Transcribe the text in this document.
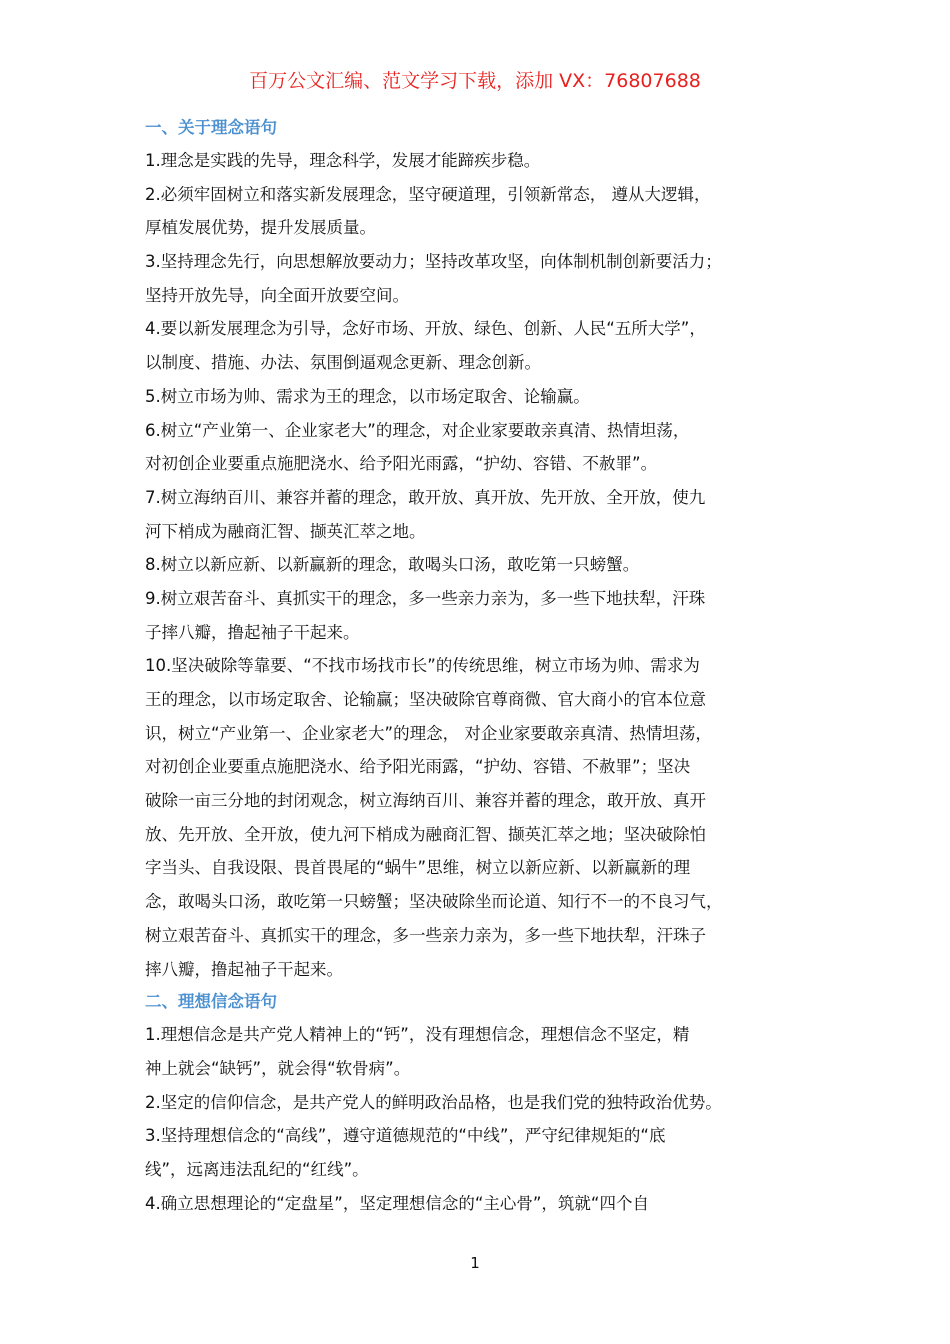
百万公文汇编、范文学习下载，添加 VX：76807688
一、关于理念语句
1.理念是实践的先导，理念科学，发展才能蹄疾步稳。
2.必须牢固树立和落实新发展理念，坚守硬道理，引领新常态， 遵从大逻辑，
厚植发展优势，提升发展质量。
3.坚持理念先行，向思想解放要动力；坚持改革攻坚，向体制机制创新要活力；
坚持开放先导，向全面开放要空间。
4.要以新发展理念为引导，念好市场、开放、绿色、创新、人民“五所大学”，
以制度、措施、办法、氛围倒逼观念更新、理念创新。
5.树立市场为帅、需求为王的理念，以市场定取舍、论输赢。
6.树立“产业第一、企业家老大”的理念，对企业家要敢亲真清、热情坦荡，
对初创企业要重点施肥浇水、给予阳光雨露，“护幼、容错、不赦罪”。
7.树立海纳百川、兼容并蓄的理念，敢开放、真开放、先开放、全开放，使九
河下梢成为融商汇智、撷英汇萃之地。
8.树立以新应新、以新赢新的理念，敢喝头口汤，敢吃第一只螃蟹。
9.树立艰苦奋斗、真抓实干的理念，多一些亲力亲为，多一些下地扶犁，汗珠
子摔八瓣，撸起袖子干起来。
10.坚决破除等靠要、“不找市场找市长”的传统思维，树立市场为帅、需求为
王的理念，以市场定取舍、论输赢；坚决破除官尊商微、官大商小的官本位意
识，树立“产业第一、企业家老大”的理念， 对企业家要敢亲真清、热情坦荡，
对初创企业要重点施肥浇水、给予阳光雨露，“护幼、容错、不赦罪”；坚决
破除一亩三分地的封闭观念，树立海纳百川、兼容并蓄的理念，敢开放、真开
放、先开放、全开放，使九河下梢成为融商汇智、撷英汇萃之地；坚决破除怕
字当头、自我设限、畏首畏尾的“蜗牛”思维，树立以新应新、以新赢新的理
念，敢喝头口汤，敢吃第一只螃蟹；坚决破除坐而论道、知行不一的不良习气，
树立艰苦奋斗、真抓实干的理念，多一些亲力亲为，多一些下地扶犁，汗珠子
摔八瓣，撸起袖子干起来。
二、理想信念语句
1.理想信念是共产党人精神上的“钙”，没有理想信念，理想信念不坚定，精
神上就会“缺钙”，就会得“软骨病”。
2.坚定的信仰信念，是共产党人的鲜明政治品格，也是我们党的独特政治优势。
3.坚持理想信念的“高线”，遵守道德规范的“中线”，严守纪律规矩的“底
线”，远离违法乱纪的“红线”。
4.确立思想理论的“定盘星”，坚定理想信念的“主心骨”，筑就“四个自
1
